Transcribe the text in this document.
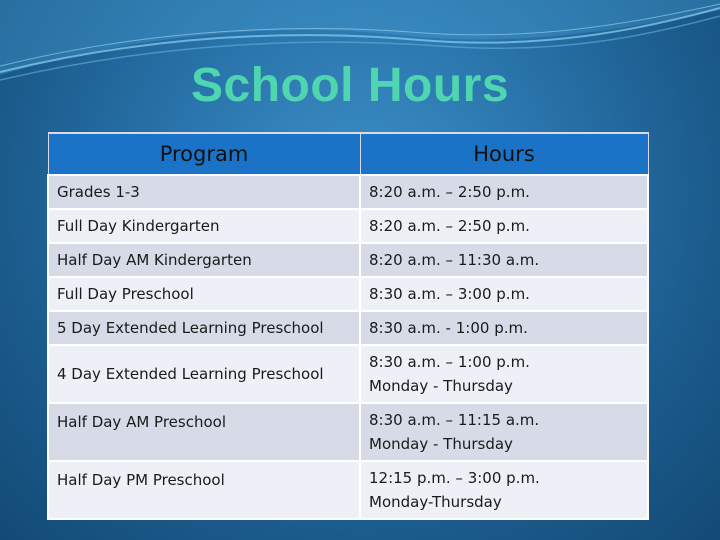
School Hours
Program	Hours
Grades 1-3	8:20 a.m. – 2:50 p.m.

Full Day Kindergarten	8:20 a.m. – 2:50 p.m.

Half Day AM Kindergarten	8:20 a.m. – 11:30 a.m.

Full Day Preschool	8:30 a.m. – 3:00 p.m.

5 Day Extended Learning Preschool	8:30 a.m. - 1:00 p.m.

4 Day Extended Learning Preschool	8:30 a.m. – 1:00 p.m.
Monday - Thursday

Half Day AM Preschool	8:30 a.m. – 11:15 a.m.
Monday - Thursday

Half Day PM Preschool	12:15 p.m. – 3:00 p.m.
Monday-Thursday
